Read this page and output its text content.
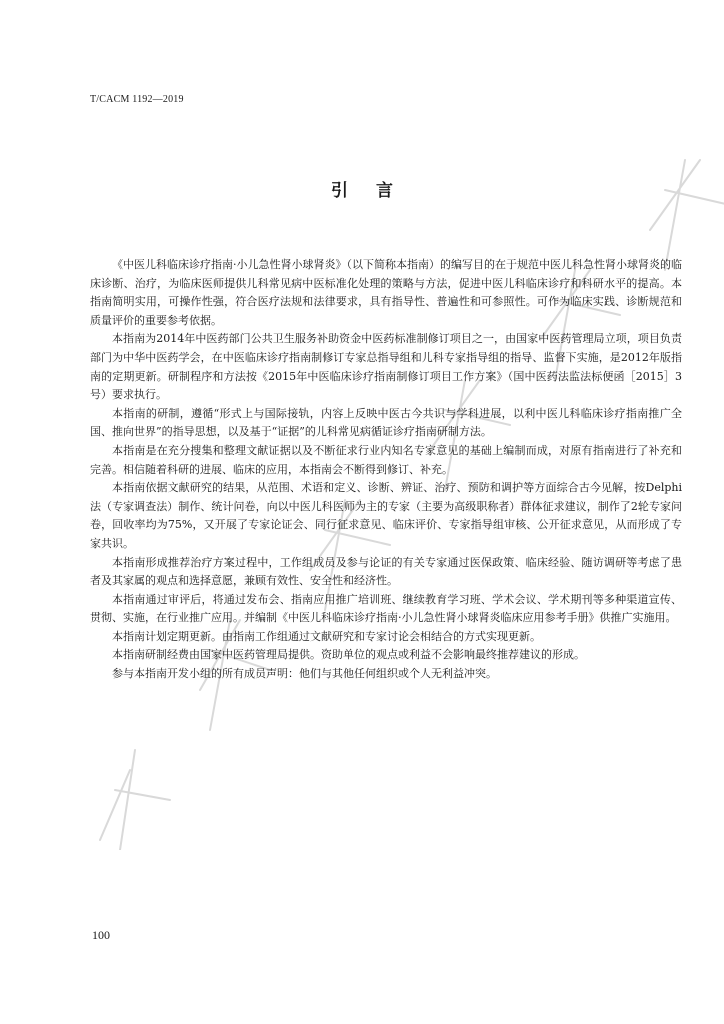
T/CACM 1192—2019
引言

《中医儿科临床诊疗指南·小儿急性肾小球肾炎》（以下简称本指南）的编写目的在于规范中医儿科急性肾小球肾炎的临床诊断、治疗，为临床医师提供儿科常见病中医标准化处理的策略与方法，促进中医儿科临床诊疗和科研水平的提高。本指南简明实用，可操作性强，符合医疗法规和法律要求，具有指导性、普遍性和可参照性。可作为临床实践、诊断规范和质量评价的重要参考依据。

本指南为2014年中医药部门公共卫生服务补助资金中医药标准制修订项目之一，由国家中医药管理局立项，项目负责部门为中华中医药学会，在中医临床诊疗指南制修订专家总指导组和儿科专家指导组的指导、监督下实施，是2012年版指南的定期更新。研制程序和方法按《2015年中医临床诊疗指南制修订项目工作方案》（国中医药法监法标便函［2015］3号）要求执行。

本指南的研制，遵循“形式上与国际接轨，内容上反映中医古今共识与学科进展，以利中医儿科临床诊疗指南推广全国、推向世界”的指导思想，以及基于“证据”的儿科常见病循证诊疗指南研制方法。

本指南是在充分搜集和整理文献证据以及不断征求行业内知名专家意见的基础上编制而成，对原有指南进行了补充和完善。相信随着科研的进展、临床的应用，本指南会不断得到修订、补充。

本指南依据文献研究的结果，从范围、术语和定义、诊断、辨证、治疗、预防和调护等方面综合古今见解，按Delphi法（专家调查法）制作、统计问卷，向以中医儿科医师为主的专家（主要为高级职称者）群体征求建议，制作了2轮专家问卷，回收率均为75%，又开展了专家论证会、同行征求意见、临床评价、专家指导组审核、公开征求意见，从而形成了专家共识。

本指南形成推荐治疗方案过程中，工作组成员及参与论证的有关专家通过医保政策、临床经验、随访调研等考虑了患者及其家属的观点和选择意愿，兼顾有效性、安全性和经济性。

本指南通过审评后，将通过发布会、指南应用推广培训班、继续教育学习班、学术会议、学术期刊等多种渠道宣传、贯彻、实施，在行业推广应用。并编制《中医儿科临床诊疗指南·小儿急性肾小球肾炎临床应用参考手册》供推广实施用。

本指南计划定期更新。由指南工作组通过文献研究和专家讨论会相结合的方式实现更新。

本指南研制经费由国家中医药管理局提供。资助单位的观点或利益不会影响最终推荐建议的形成。

参与本指南开发小组的所有成员声明：他们与其他任何组织或个人无利益冲突。

100
